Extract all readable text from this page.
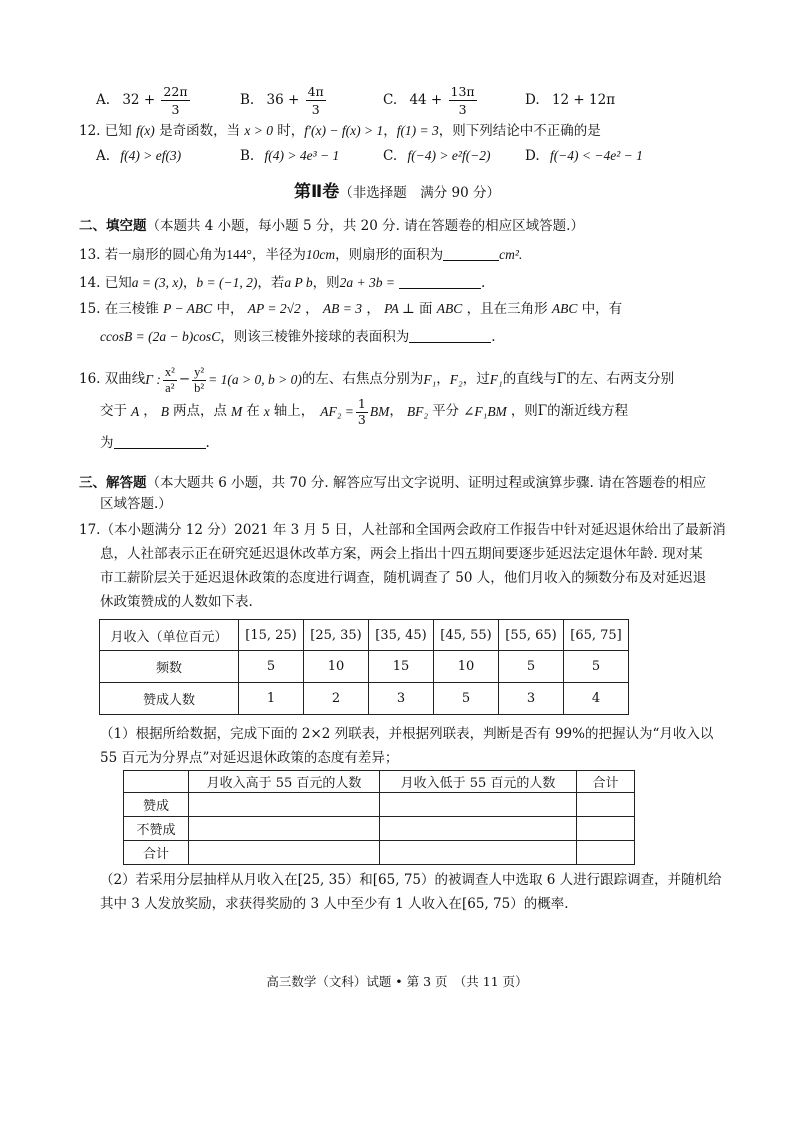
A. $32 + \frac{22\pi}{3}$	B. $36 + \frac{4\pi}{3}$	C. $44 + \frac{13\pi}{3}$	D. 12 + 12π
12. 已知 f(x) 是奇函数，当 x > 0 时，f′(x) − f(x) > 1，f(1) = 3，则下列结论中不正确的是
A. f(4) > ef(3)	B. f(4) > 4e³ − 1	C. f(−4) > e²f(−2)	D. f(−4) < −4e² − 1
第Ⅱ卷（非选择题　满分 90 分）
二、填空题（本题共 4 小题，每小题 5 分，共 20 分. 请在答题卷的相应区域答题.）
13. 若一扇形的圆心角为144°，半径为10cm，则扇形的面积为	cm².
14. 已知a = (3, x)，b = (−1, 2)，若a P b，则2a + 3b =	.
15. 在三棱锥 P − ABC 中， AP = 2√2 ， AB = 3 ， PA ⊥ 面 ABC ，且在三角形 ABC 中，有
ccosB = (2a − b)cosC，则该三棱锥外接球的表面积为	.
16. 双曲线 Γ : $\frac{\text{x²}}{\text{a²}} - \frac{\text{y²}}{\text{b²}} = 1(a > 0$, b > 0) 的左、右焦点分别为 F₁ ， F₂ ，过 F₁ 的直线与Γ的左、右两支分别
交于 A ， B 两点，点 M 在 x 轴上， $AF_2 = \frac{1}{3}$ BM ， BF₂ 平分 ∠F₁BM ，则Γ的渐近线方程
为	.
三、解答题（本大题共 6 小题，共 70 分. 解答应写出文字说明、证明过程或演算步骤. 请在答题卷的相应
区域答题.）
17.（本小题满分 12 分）2021 年 3 月 5 日，人社部和全国两会政府工作报告中针对延迟退休给出了最新消
息，人社部表示正在研究延迟退休改革方案，两会上指出十四五期间要逐步延迟法定退休年龄. 现对某
市工薪阶层关于延迟退休政策的态度进行调查，随机调查了 50 人，他们月收入的频数分布及对延迟退
休政策赞成的人数如下表.
月收入（单位百元）	[15, 25)	[25, 35)	[35, 45)	[45, 55)	[55, 65)	[65, 75]
频数	5	10	15	10	5	5
赞成人数	1	2	3	5	3	4
（1）根据所给数据，完成下面的 2×2 列联表，并根据列联表，判断是否有 99%的把握认为“月收入以
55 百元为分界点”对延迟退休政策的态度有差异；
	月收入高于 55 百元的人数	月收入低于 55 百元的人数	合计
赞成			
不赞成			
合计			
（2）若采用分层抽样从月收入在[25, 35）和[65, 75）的被调查人中选取 6 人进行跟踪调查，并随机给
其中 3 人发放奖励，求获得奖励的 3 人中至少有 1 人收入在[65, 75）的概率.
高三数学（文科）试题 • 第 3 页　（共 11 页）
